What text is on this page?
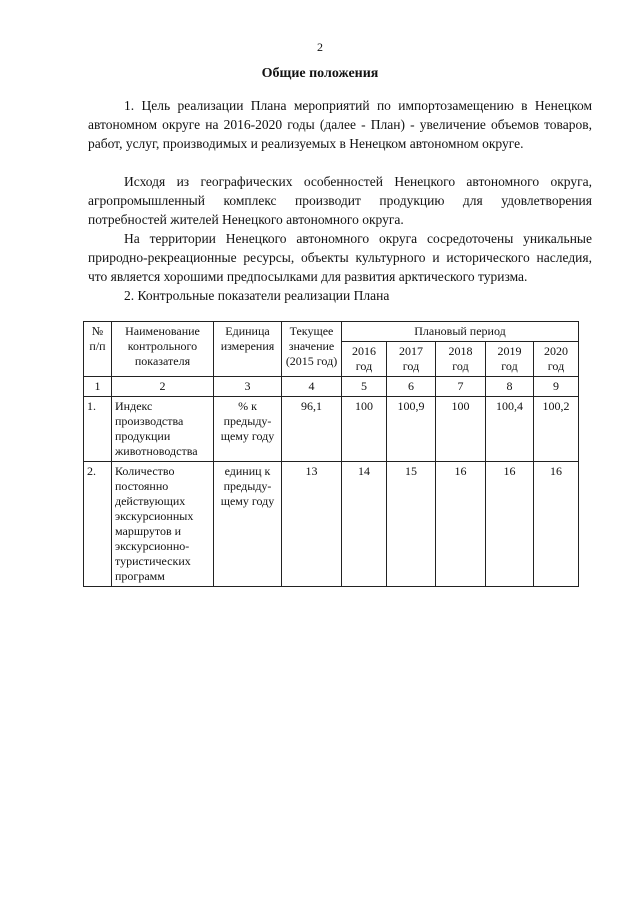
2
Общие положения

1. Цель реализации Плана мероприятий по импортозамещению в Ненецком автономном округе на 2016-2020 годы (далее - План) - увеличение объемов товаров, работ, услуг, производимых и реализуемых в Ненецком автономном округе.

Исходя из географических особенностей Ненецкого автономного округа, агропромышленный комплекс производит продукцию для удовлетворения потребностей жителей Ненецкого автономного округа.

На территории Ненецкого автономного округа сосредоточены уникальные природно-рекреационные ресурсы, объекты культурного и исторического наследия, что является хорошими предпосылками для развития арктического туризма.

2. Контрольные показатели реализации Плана

№ п/п	Наименование контрольного показателя	Единица измерения	Текущее значение (2015 год)	Плановый период				
				2016 год	2017 год	2018 год	2019 год	2020 год
1	2	3	4	5	6	7	8	9
1.	Индекс производства продукции животноводства	% к предыду-щему году	96,1	100	100,9	100	100,4	100,2
2.	Количество постоянно действующих экскурсионных маршрутов и экскурсионно-туристических программ	единиц к предыду-щему году	13	14	15	16	16	16
